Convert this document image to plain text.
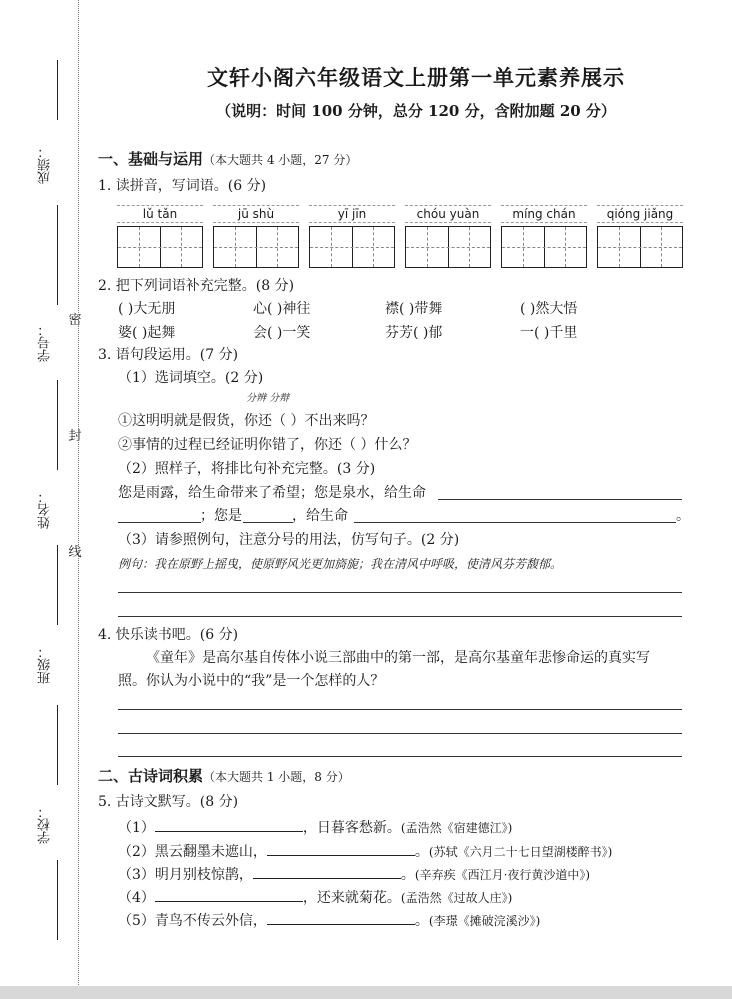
成绩：
学号：
姓名：
班级：
学校：
密
封
线
文轩小阁六年级语文上册第一单元素养展示
（说明：时间 100 分钟，总分 120 分，含附加题 20 分）
一、基础与运用（本大题共 4 小题，27 分）
1. 读拼音，写词语。(6 分)
lǔ tǎn	jū shù	yī jīn	chóu yuàn	míng chán	qióng jiǎng
2. 把下列词语补充完整。(8 分)
( )大无朋	心( )神往	襟( )带舞	( )然大悟
婆( )起舞	会( )一笑	芬芳( )郁	一( )千里
3. 语句段运用。(7 分)
（1）选词填空。(2 分)
分辨 分辩
①这明明就是假货，你还（ ）不出来吗？
②事情的过程已经证明你错了，你还（ ）什么？
（2）照样子，将排比句补充完整。(3 分)
您是雨露，给生命带来了希望；您是泉水，给生命
；您是	，给生命	。
（3）请参照例句，注意分号的用法，仿写句子。(2 分)
例句：我在原野上摇曳，使原野风光更加旖旎；我在清风中呼吸，使清风芬芳馥郁。
4. 快乐读书吧。(6 分)
《童年》是高尔基自传体小说三部曲中的第一部，是高尔基童年悲惨命运的真实写
照。你认为小说中的“我”是一个怎样的人？
二、古诗词积累（本大题共 1 小题，8 分）
5. 古诗文默写。(8 分)
（1）	，日暮客愁新。(孟浩然《宿建德江》)
（2）黑云翻墨未遮山，	。(苏轼《六月二十七日望湖楼醉书》)
（3）明月别枝惊鹊，	。(辛弃疾《西江月·夜行黄沙道中》)
（4）	，还来就菊花。(孟浩然《过故人庄》)
（5）青鸟不传云外信，	。(李璟《摊破浣溪沙》)
